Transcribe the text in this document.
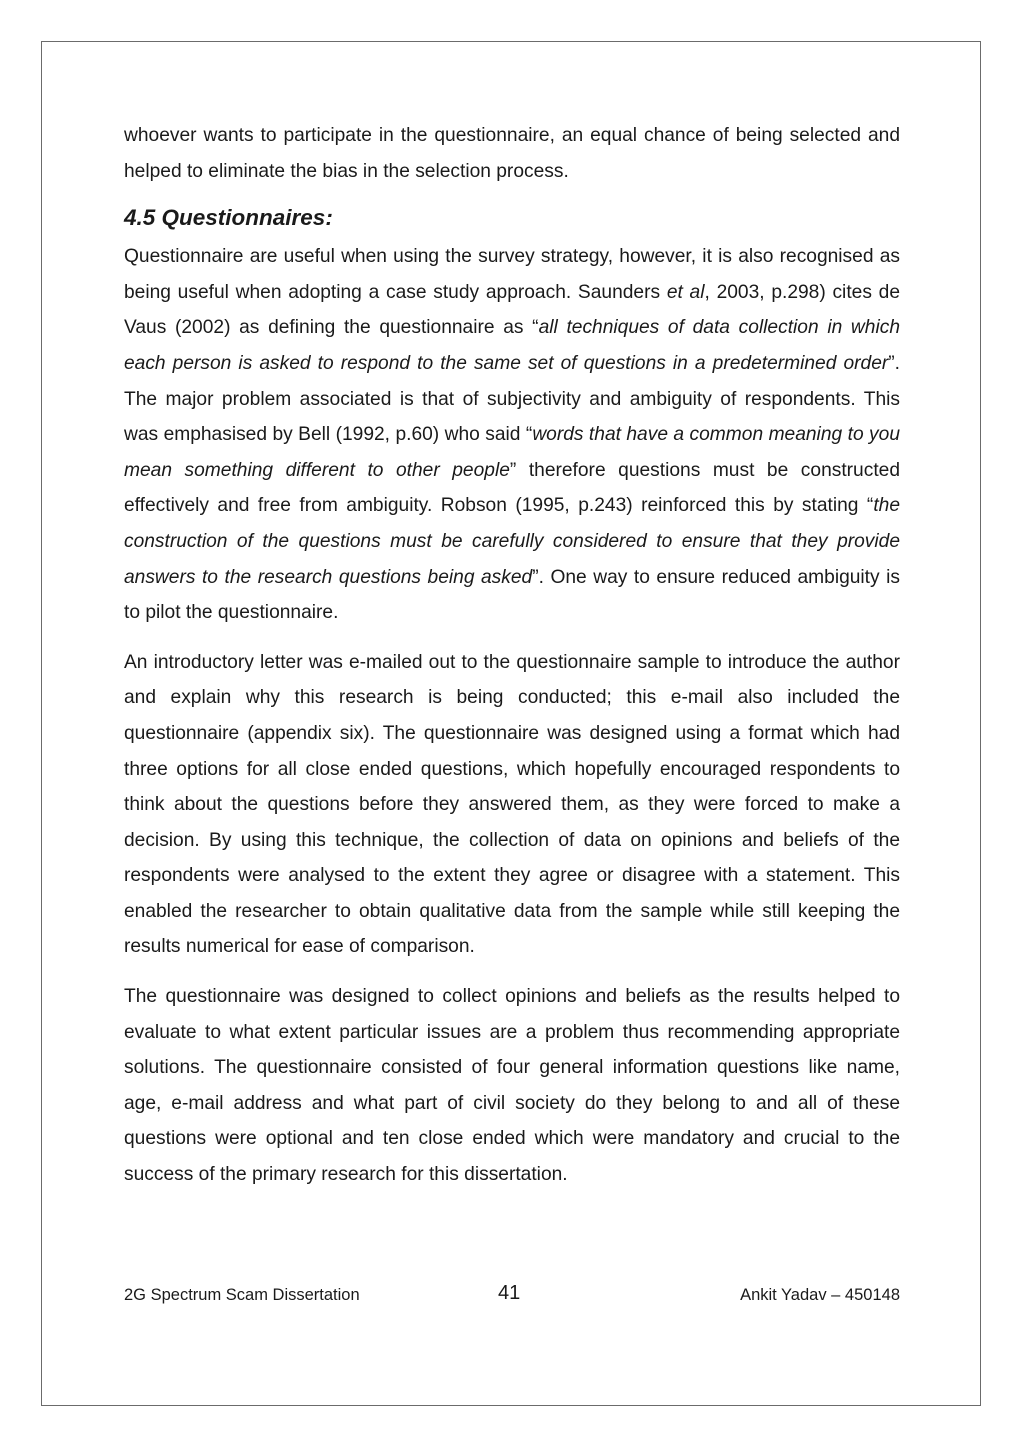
whoever wants to participate in the questionnaire, an equal chance of being selected and helped to eliminate the bias in the selection process.

4.5 Questionnaires:

Questionnaire are useful when using the survey strategy, however, it is also recognised as being useful when adopting a case study approach. Saunders et al, 2003, p.298) cites de Vaus (2002) as defining the questionnaire as “all techniques of data collection in which each person is asked to respond to the same set of questions in a predetermined order”. The major problem associated is that of subjectivity and ambiguity of respondents. This was emphasised by Bell (1992, p.60) who said “words that have a common meaning to you mean something different to other people” therefore questions must be constructed effectively and free from ambiguity. Robson (1995, p.243) reinforced this by stating “the construction of the questions must be carefully considered to ensure that they provide answers to the research questions being asked”. One way to ensure reduced ambiguity is to pilot the questionnaire.

An introductory letter was e-mailed out to the questionnaire sample to introduce the author and explain why this research is being conducted; this e-mail also included the questionnaire (appendix six). The questionnaire was designed using a format which had three options for all close ended questions, which hopefully encouraged respondents to think about the questions before they answered them, as they were forced to make a decision. By using this technique, the collection of data on opinions and beliefs of the respondents were analysed to the extent they agree or disagree with a statement. This enabled the researcher to obtain qualitative data from the sample while still keeping the results numerical for ease of comparison.

The questionnaire was designed to collect opinions and beliefs as the results helped to evaluate to what extent particular issues are a problem thus recommending appropriate solutions. The questionnaire consisted of four general information questions like name, age, e-mail address and what part of civil society do they belong to and all of these questions were optional and ten close ended which were mandatory and crucial to the success of the primary research for this dissertation.

2G Spectrum Scam Dissertation	41	Ankit Yadav – 450148
